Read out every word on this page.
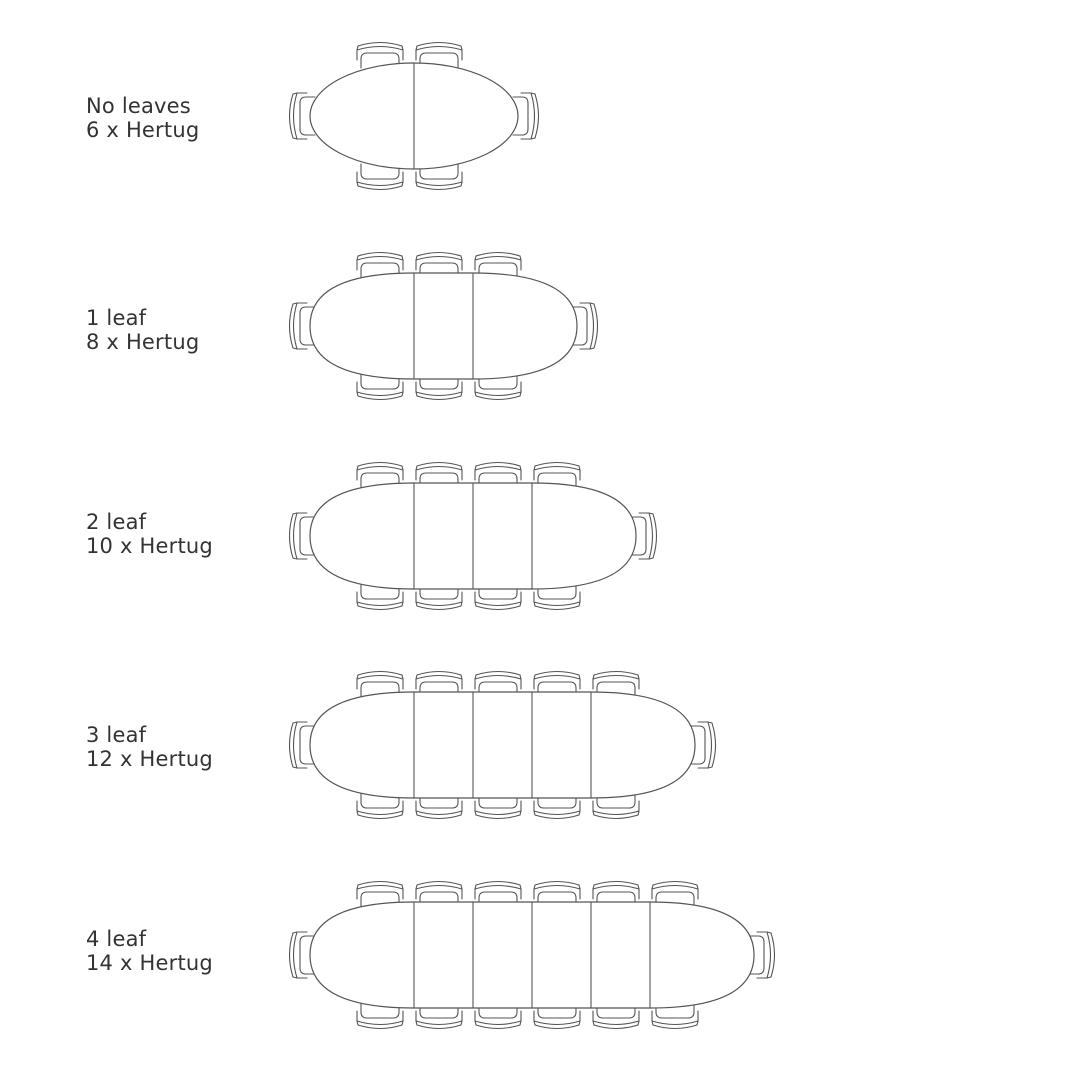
No leaves
6 x Hertug
1 leaf
8 x Hertug
2 leaf
10 x Hertug
3 leaf
12 x Hertug
4 leaf
14 x Hertug
